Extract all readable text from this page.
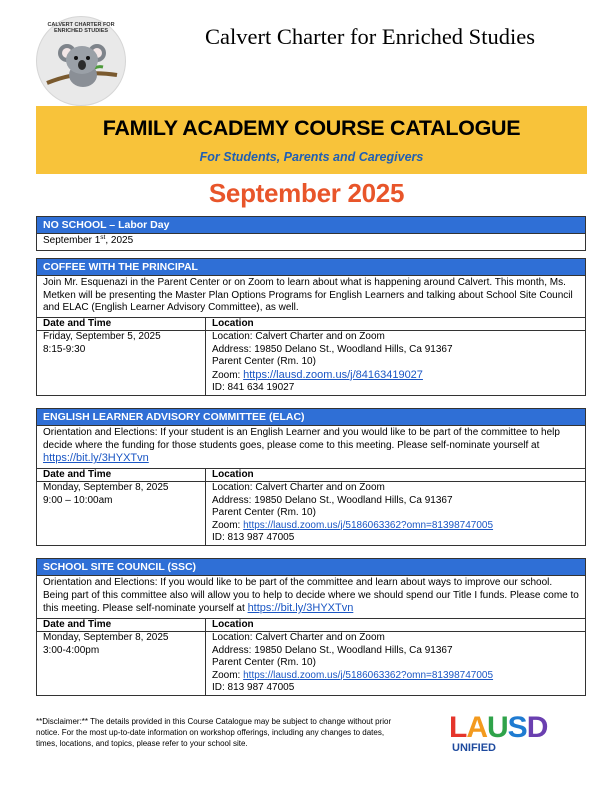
CALVERT CHARTER FOR ENRICHED STUDIES	Calvert Charter for Enriched Studies
FAMILY ACADEMY COURSE CATALOGUE
For Students, Parents and Caregivers
September 2025
NO SCHOOL – Labor Day
September 1st, 2025
COFFEE WITH THE PRINCIPAL
Join Mr. Esquenazi in the Parent Center or on Zoom to learn about what is happening around Calvert. This month, Ms. Metken will be presenting the Master Plan Options Programs for English Learners and talking about School Site Council and ELAC (English Learner Advisory Committee), as well.
Date and Time	Location
Friday, September 5, 2025
8:15-9:30
Location: Calvert Charter and on Zoom
Address: 19850 Delano St., Woodland Hills, Ca 91367
Parent Center (Rm. 10)
Zoom: https://lausd.zoom.us/j/84163419027
ID: 841 634 19027
ENGLISH LEARNER ADVISORY COMMITTEE (ELAC)
Orientation and Elections: If your student is an English Learner and you would like to be part of the committee to help decide where the funding for those students goes, please come to this meeting. Please self-nominate yourself at
https://bit.ly/3HYXTvn
Date and Time	Location
Monday, September 8, 2025
9:00 – 10:00am
Location: Calvert Charter and on Zoom
Address: 19850 Delano St., Woodland Hills, Ca 91367
Parent Center (Rm. 10)
Zoom: https://lausd.zoom.us/j/5186063362?omn=81398747005
ID: 813 987 47005
SCHOOL SITE COUNCIL (SSC)
Orientation and Elections: If you would like to be part of the committee and learn about ways to improve our school. Being part of this committee also will allow you to help to decide where we should spend our Title I funds. Please come to this meeting. Please self-nominate yourself at https://bit.ly/3HYXTvn
Date and Time	Location
Monday, September 8, 2025
3:00-4:00pm
Location: Calvert Charter and on Zoom
Address: 19850 Delano St., Woodland Hills, Ca 91367
Parent Center (Rm. 10)
Zoom: https://lausd.zoom.us/j/5186063362?omn=81398747005
ID: 813 987 47005
**Disclaimer:** The details provided in this Course Catalogue may be subject to change without prior notice. For the most up-to-date information on workshop offerings, including any changes to dates, times, locations, and topics, please refer to your school site.	LAUSD
UNIFIED
